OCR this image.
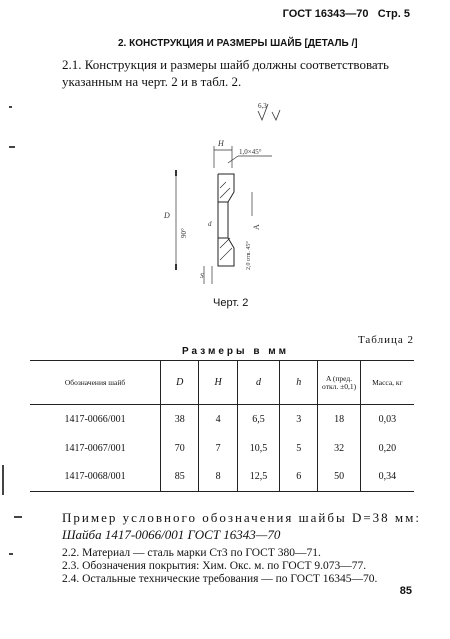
ГОСТ 16343—70 Стр. 5
2. КОНСТРУКЦИЯ И РАЗМЕРЫ ШАЙБ [ДЕТАЛЬ /]
2.1. Конструкция и размеры шайб должны соответствовать
указанным на черт. 2 и в табл. 2.
6,3
H
1,0×45°
D
90°
d
S
2,0 отв. 45°
A
Черт. 2
Таблица 2
Размеры в мм
Обозначения шайб	D	H	d	h	A (пред. откл. ±0,1)	Масса, кг
1417-0066/001	38	4	6,5	3	18	0,03
1417-0067/001	70	7	10,5	5	32	0,20
1417-0068/001	85	8	12,5	6	50	0,34
Пример условного обозначения шайбы D=38 мм:
Шайба 1417-0066/001 ГОСТ 16343—70
2.2. Материал — сталь марки Ст3 по ГОСТ 380—71.
2.3. Обозначения покрытия: Хим. Окс. м. по ГОСТ 9.073—77.
2.4. Остальные технические требования — по ГОСТ 16345—70.
85
